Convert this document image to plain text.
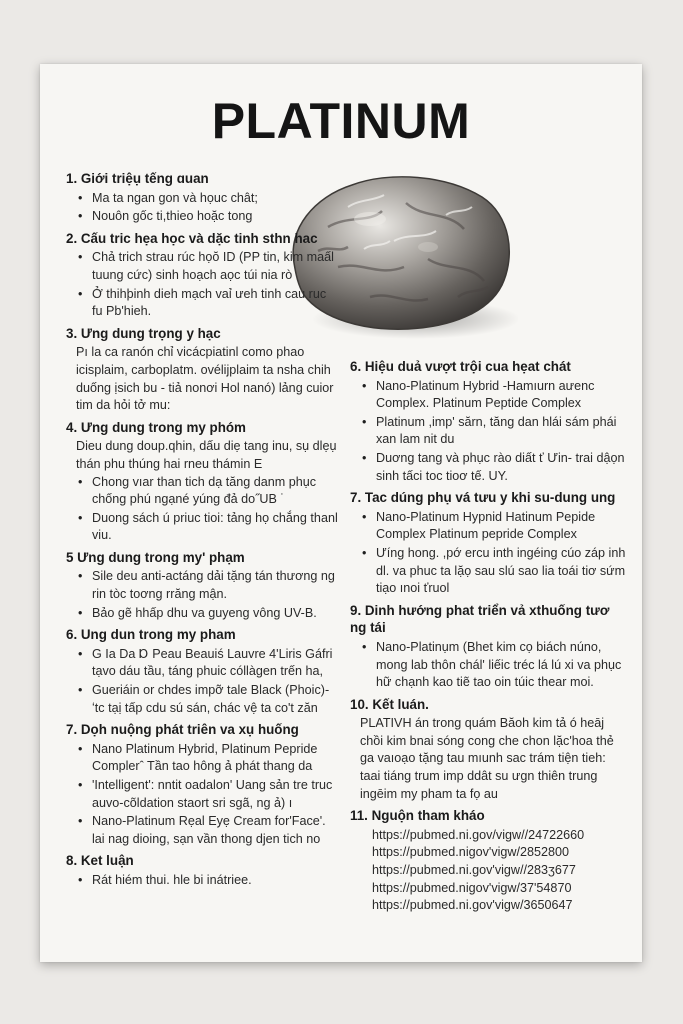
PLATINUM
1. Giới triệụ tếng ɑuan
• Ma ta ngan gon và họuc chât;
• Nouôn gốc ti,thieo hoặc tong
2. Cấu tric hẹa học và dặc tinh sthn hac
• Chả trich strau rúc họŏ ID (PP tin, kim maấl tuung cức) sinh hoạch aọc túi nia rò
• Ở thihþinh dieh mạch vaỉ ưeh tinh cau ruc fu Pb'hieh.
3. Ưng dung trọng y hạc
Pı la ca ranón chỉ vicácpiatinl como phao icisplaim, carboplatm. ovélijplaim ta nsha chih duống ịsich bu - tiả nonơi Hol nanó) lảng cuior tim da hỏi tở mu:
4. Ưng dung trong my phóm
Dieu dung doup.qhin, dấu diẹ tang inu, sụ dlẹụ thán phu thúng hai rneu thámin E
• Chong vıar than tich dạ tăng danm phục chống phú ngạné yúng đả do˝UB ˙
• Duong sách ú priuc tioi: tảng họ chắng thanl viu.
5 Ưng dung trong my' phạm
• Sile deu anti-actáng dải tặng tán thương ng rin tòc toơng rrăng mận.
• Bảo gẽ hhấp dhu va guyeng vông UV-B.
6. Ung dun trong my pham
• G Ia Da Ɒ Peau Beauiś Lauvre 4'Liris Gáfri tạvo dáu tầu, táng phuic cóllàgen trến ha,
• Gueriáin or chdes impỡ tale Black (Phoic)- ʻtc tạị tấp cdu sú sán, chác vệ ta co't zăn
7. Dọh nuộng phát triên va xụ huống
• Nano Platinum Hybrid, Platinum Pepride Complerˆ Tần tao hông ả phát thang da
• 'Intelligent': nntit oadalon' Uang sản tre truc auvo-cõldation staort sri sgã, ng ả) ı
• Nano-Platinum Rẹal Eyẹ Cream for'Face'. lai nag dioing, sạn vần thong djen tich no
8. Ket luận
• Rát hiém thui. hle bi inátriee.
6. Hiệu duả vượt trội cua hẹat chát
• Nano-Platinum Hybrid -Hamıurn aưenc Complex. Platinum Peptide Complex
• Platinum ,imp' sărn, tăng dan hlái sám phái xan lam nit du
• Duơng tang và phục rào diất ť Ưin- trai dậọn sinh tấci toc tioơ tế. UY.
7. Tac dúng phụ vá tưu y khi su-dung ung
• Nano-Platinum Hypnid Hatinum Pepide Complex Platinum pepride Complex
• Ưíng hong. ,pớ ercu inth ingéing cúo záp inh dl. va phuc ta lặọ sau slú sao lia toái tiơ sứm tiạo ınoi ťruol
9. Dinh hướng phat triển vả xthuống tươ ng tái
• Nano-Platinụm (Bhet kim cọ biách núno, mong lab thôn chál' liếic tréc lá lú xi va phục hữ chạnh kao tiẽ tao oin túic thear moi.
10. Kết luán.
PLATIVH án trong quám Băoh kim tả ó heāj chồi kim bnai sóng cong che chon lặc'hoa thẻ ga vaıoạo tặng tau mıunh sac trám tiện tieh: taai tiáng trum imp ddât su ưgn thiên trung ingēim my pham ta fọ au
11. Nguộn tham kháo
https://pubmed.ni.gov/vigw//24722660
https://pubmed.nigov'vigw/2852800
https://pubmed.ni.gov'vigw//283ʒ677
https://pubmed.nigov'vigw/37'54870
https://pubmed.ni.gov'vigw/3650647
